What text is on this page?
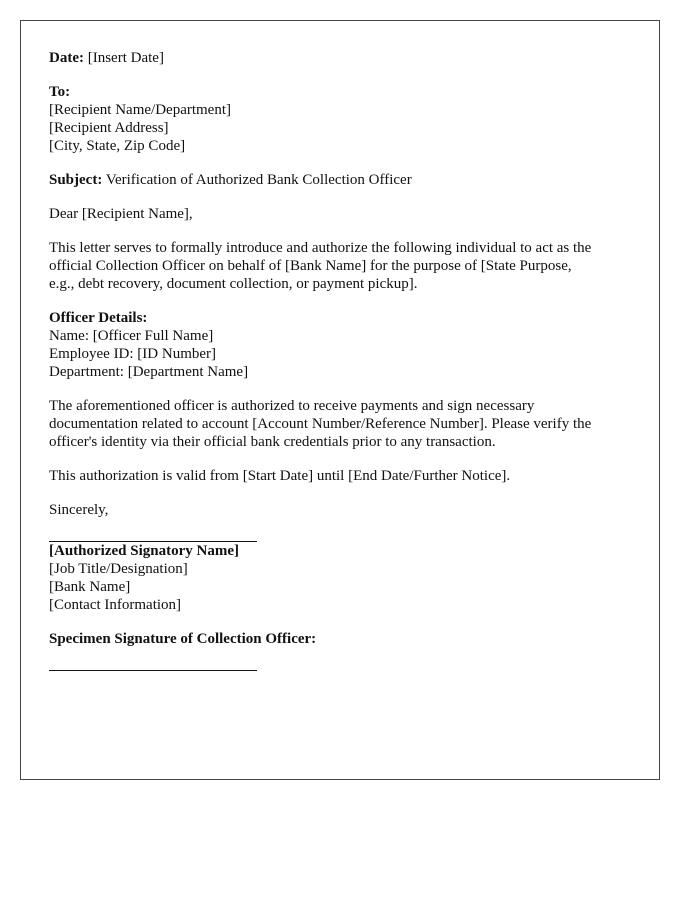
Date: [Insert Date]

To:
[Recipient Name/Department]
[Recipient Address]
[City, State, Zip Code]

Subject: Verification of Authorized Bank Collection Officer

Dear [Recipient Name],

This letter serves to formally introduce and authorize the following individual to act as the
official Collection Officer on behalf of [Bank Name] for the purpose of [State Purpose,
e.g., debt recovery, document collection, or payment pickup].

Officer Details:
Name: [Officer Full Name]
Employee ID: [ID Number]
Department: [Department Name]

The aforementioned officer is authorized to receive payments and sign necessary
documentation related to account [Account Number/Reference Number]. Please verify the
officer's identity via their official bank credentials prior to any transaction.

This authorization is valid from [Start Date] until [End Date/Further Notice].

Sincerely,

[Authorized Signatory Name]
[Job Title/Designation]
[Bank Name]
[Contact Information]

Specimen Signature of Collection Officer:
